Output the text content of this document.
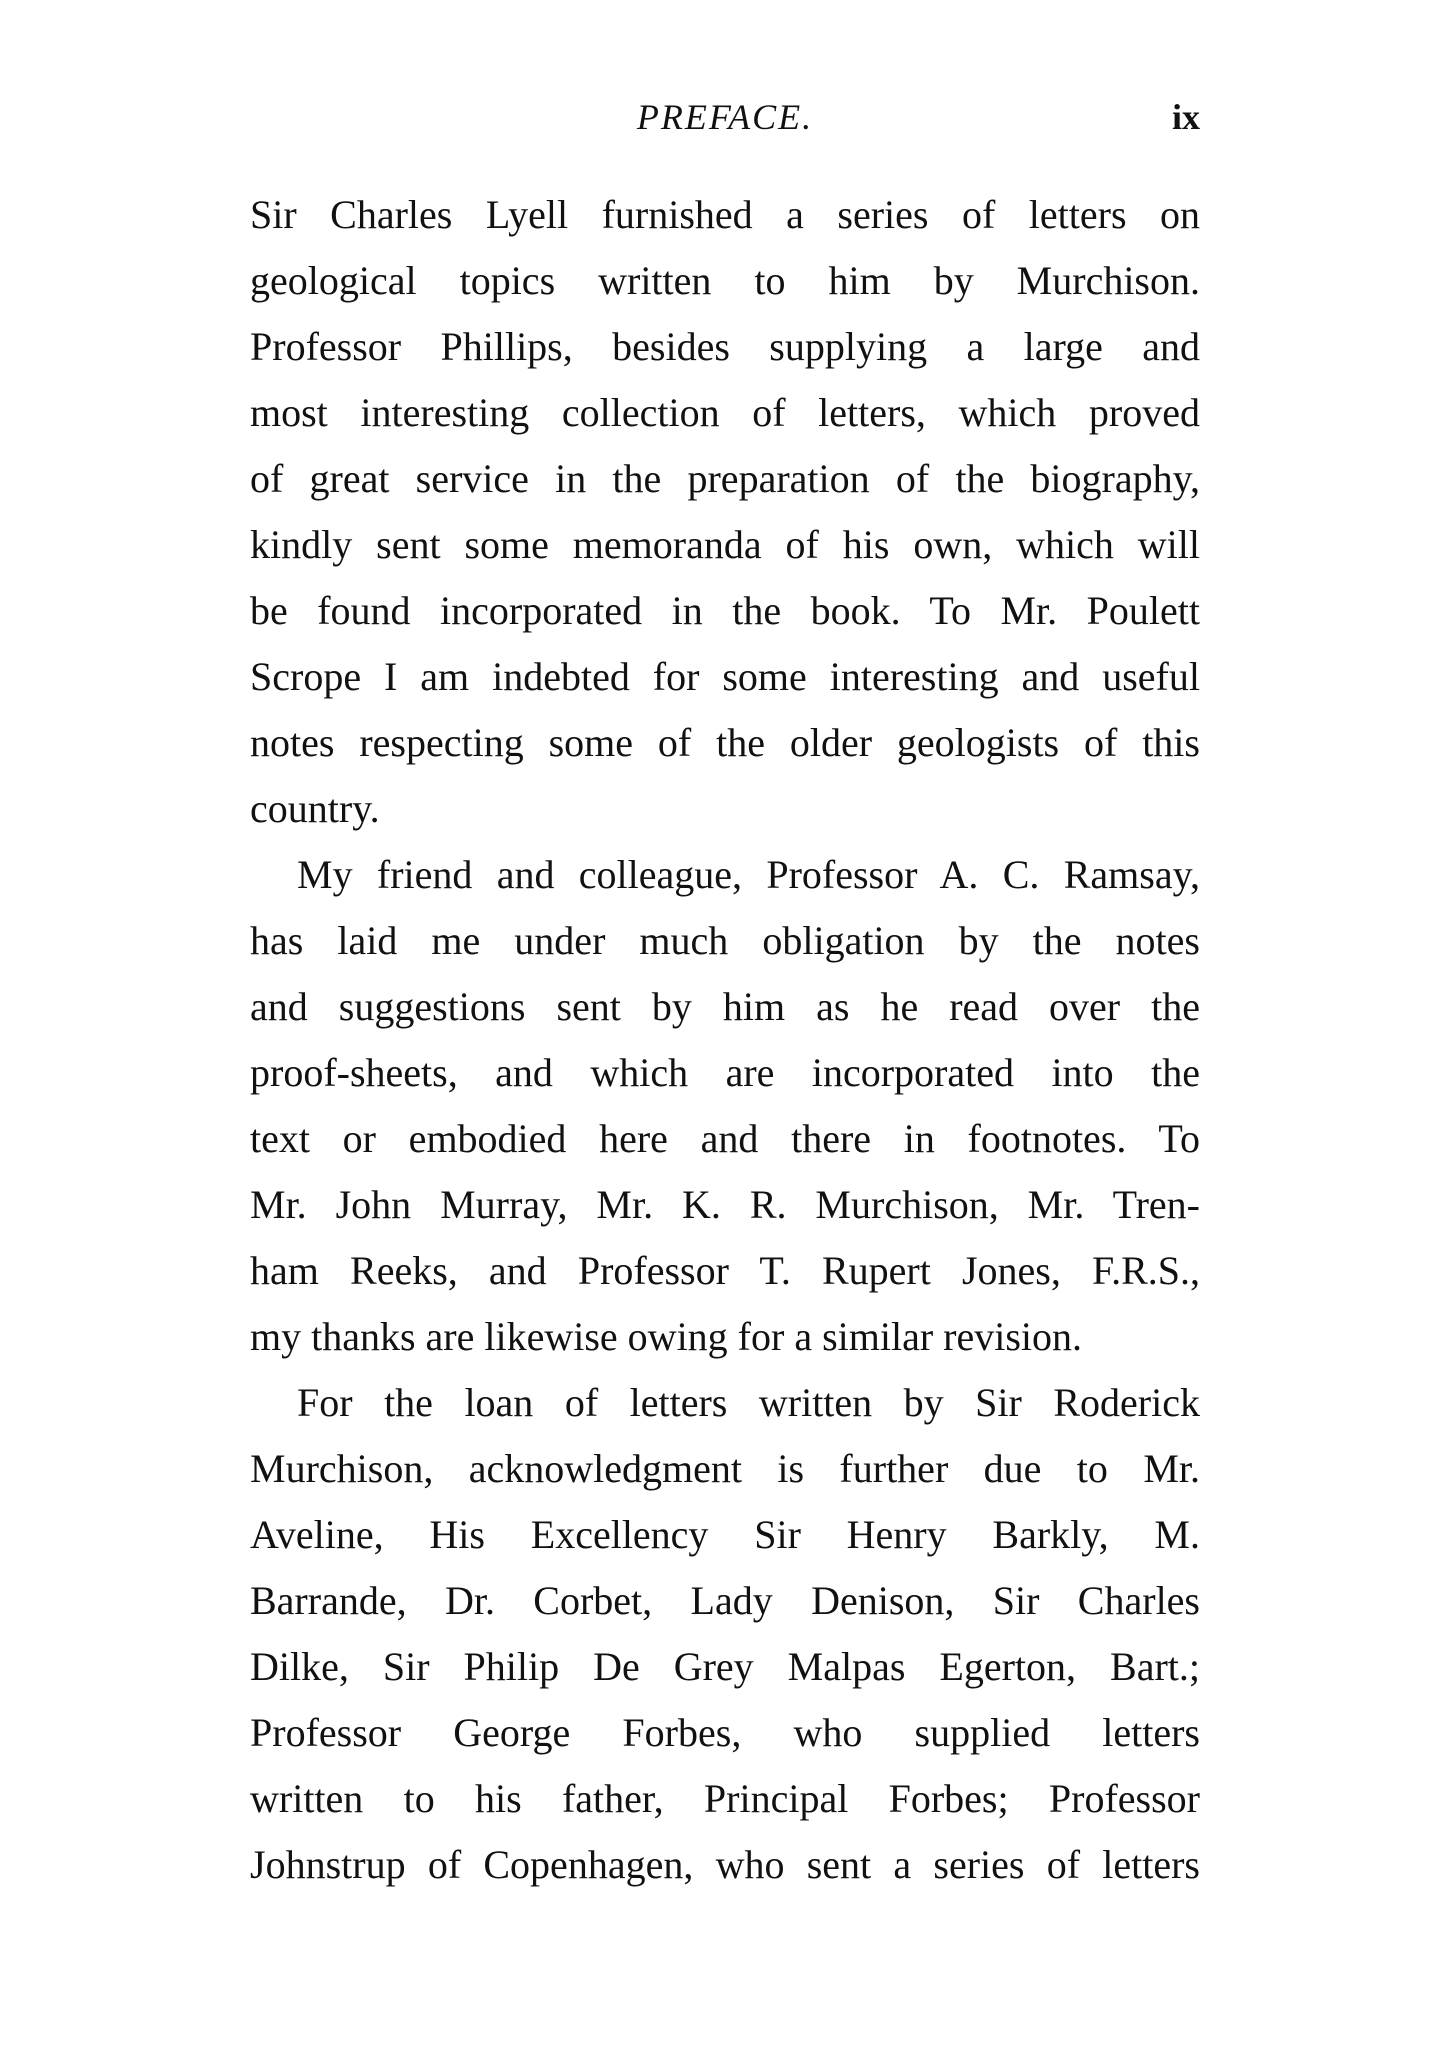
PREFACE.	ix
Sir Charles Lyell furnished a series of letters on
geological topics written to him by Murchison.
Professor Phillips, besides supplying a large and
most interesting collection of letters, which proved
of great service in the preparation of the biography,
kindly sent some memoranda of his own, which will
be found incorporated in the book. To Mr. Poulett
Scrope I am indebted for some interesting and useful
notes respecting some of the older geologists of this
country.
My friend and colleague, Professor A. C. Ramsay,
has laid me under much obligation by the notes
and suggestions sent by him as he read over the
proof-sheets, and which are incorporated into the
text or embodied here and there in footnotes. To
Mr. John Murray, Mr. K. R. Murchison, Mr. Tren-
ham Reeks, and Professor T. Rupert Jones, F.R.S.,
my thanks are likewise owing for a similar revision.
For the loan of letters written by Sir Roderick
Murchison, acknowledgment is further due to Mr.
Aveline, His Excellency Sir Henry Barkly, M.
Barrande, Dr. Corbet, Lady Denison, Sir Charles
Dilke, Sir Philip De Grey Malpas Egerton, Bart.;
Professor George Forbes, who supplied letters
written to his father, Principal Forbes; Professor
Johnstrup of Copenhagen, who sent a series of letters
